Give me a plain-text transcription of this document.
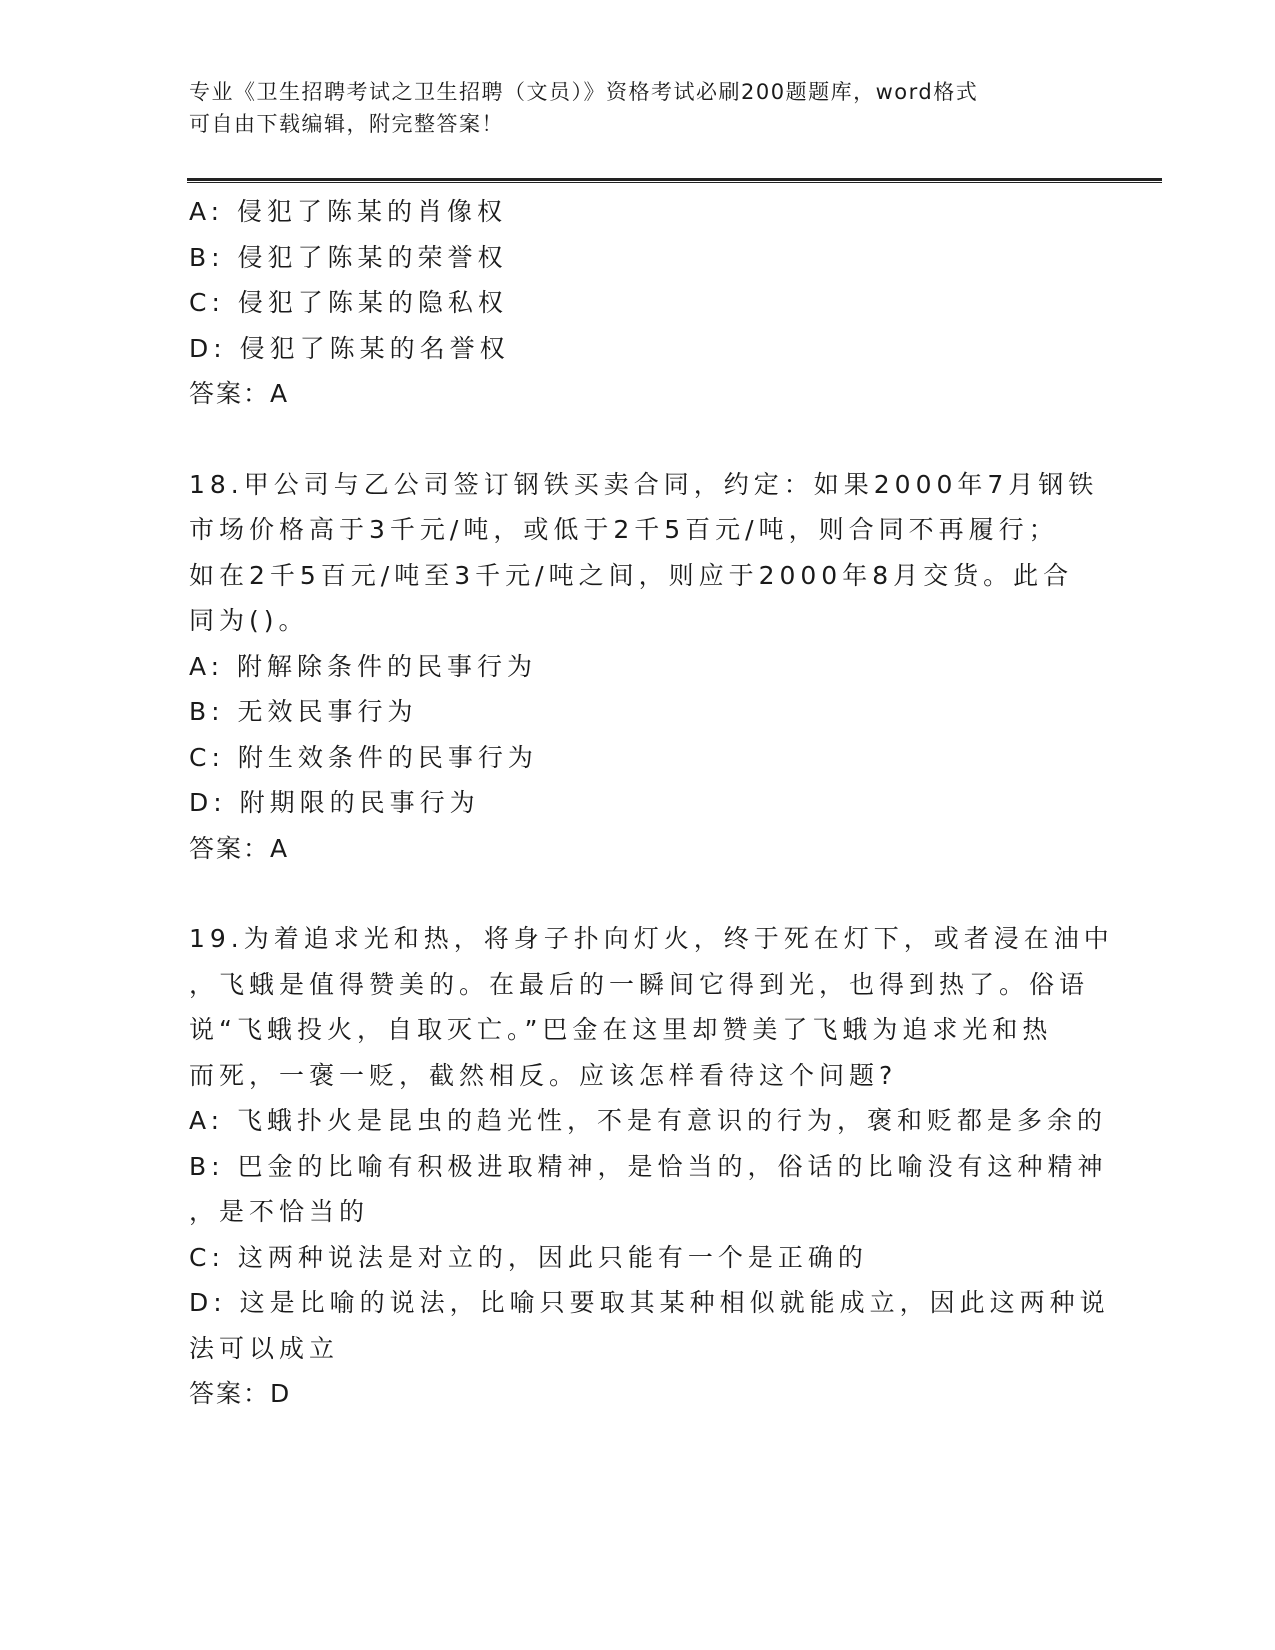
专业《卫生招聘考试之卫生招聘（文员）》资格考试必刷200题题库，word格式
可自由下载编辑，附完整答案！
A: 侵犯了陈某的肖像权
B: 侵犯了陈某的荣誉权
C: 侵犯了陈某的隐私权
D: 侵犯了陈某的名誉权
答案：A
18.甲公司与乙公司签订钢铁买卖合同，约定：如果2000年7月钢铁
市场价格高于3千元/吨，或低于2千5百元/吨，则合同不再履行；
如在2千5百元/吨至3千元/吨之间，则应于2000年8月交货。此合
同为()。
A: 附解除条件的民事行为
B: 无效民事行为
C: 附生效条件的民事行为
D: 附期限的民事行为
答案：A
19.为着追求光和热，将身子扑向灯火，终于死在灯下，或者浸在油中
，飞蛾是值得赞美的。在最后的一瞬间它得到光，也得到热了。俗语
说“飞蛾投火，自取灭亡。”巴金在这里却赞美了飞蛾为追求光和热
而死，一褒一贬，截然相反。应该怎样看待这个问题?
A: 飞蛾扑火是昆虫的趋光性，不是有意识的行为，褒和贬都是多余的
B: 巴金的比喻有积极进取精神，是恰当的，俗话的比喻没有这种精神
，是不恰当的
C: 这两种说法是对立的，因此只能有一个是正确的
D: 这是比喻的说法，比喻只要取其某种相似就能成立，因此这两种说
法可以成立
答案：D
